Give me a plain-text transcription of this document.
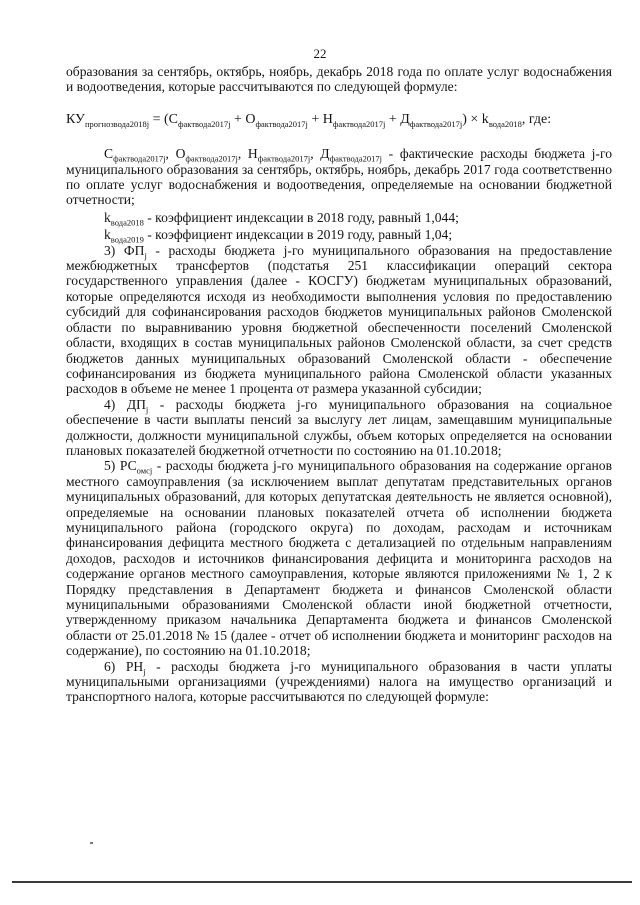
22

образования за сентябрь, октябрь, ноябрь, декабрь 2018 года по оплате услуг водоснабжения и водоотведения, которые рассчитываются по следующей формуле:

$КУ_{прогнозвода2018j} = (С_{фактвода2017j} + О_{фактвода2017j} + Н_{фактвода2017j} + Д_{фактвода2017j}) \times k_{вода2018}$, где:

$С_{фактвода2017j}$, $О_{фактвода2017j}$, $Н_{фактвода2017j}$, $Д_{фактвода2017j}$ - фактические расходы бюджета j-го муниципального образования за сентябрь, октябрь, ноябрь, декабрь 2017 года соответственно по оплате услуг водоснабжения и водоотведения, определяемые на основании бюджетной отчетности;

$k_{вода2018}$ - коэффициент индексации в 2018 году, равный 1,044;

$k_{вода2019}$ - коэффициент индексации в 2019 году, равный 1,04;

3) $ФП_j$ - расходы бюджета j-го муниципального образования на предоставление межбюджетных трансфертов (подстатья 251 классификации операций сектора государственного управления (далее - КОСГУ) бюджетам муниципальных образований, которые определяются исходя из необходимости выполнения условия по предоставлению субсидий для софинансирования расходов бюджетов муниципальных районов Смоленской области по выравниванию уровня бюджетной обеспеченности поселений Смоленской области, входящих в состав муниципальных районов Смоленской области, за счет средств бюджетов данных муниципальных образований Смоленской области - обеспечение софинансирования из бюджета муниципального района Смоленской области указанных расходов в объеме не менее 1 процента от размера указанной субсидии;

4) $ДП_j$ - расходы бюджета j-го муниципального образования на социальное обеспечение в части выплаты пенсий за выслугу лет лицам, замещавшим муниципальные должности, должности муниципальной службы, объем которых определяется на основании плановых показателей бюджетной отчетности по состоянию на 01.10.2018;

5) $РС_{омсj}$ - расходы бюджета j-го муниципального образования на содержание органов местного самоуправления (за исключением выплат депутатам представительных органов муниципальных образований, для которых депутатская деятельность не является основной), определяемые на основании плановых показателей отчета об исполнении бюджета муниципального района (городского округа) по доходам, расходам и источникам финансирования дефицита местного бюджета с детализацией по отдельным направлениям доходов, расходов и источников финансирования дефицита и мониторинга расходов на содержание органов местного самоуправления, которые являются приложениями № 1, 2 к Порядку представления в Департамент бюджета и финансов Смоленской области муниципальными образованиями Смоленской области иной бюджетной отчетности, утвержденному приказом начальника Департамента бюджета и финансов Смоленской области от 25.01.2018 № 15 (далее - отчет об исполнении бюджета и мониторинг расходов на содержание), по состоянию на 01.10.2018;

6) $РН_j$ - расходы бюджета j-го муниципального образования в части уплаты муниципальными организациями (учреждениями) налога на имущество организаций и транспортного налога, которые рассчитываются по следующей формуле:
